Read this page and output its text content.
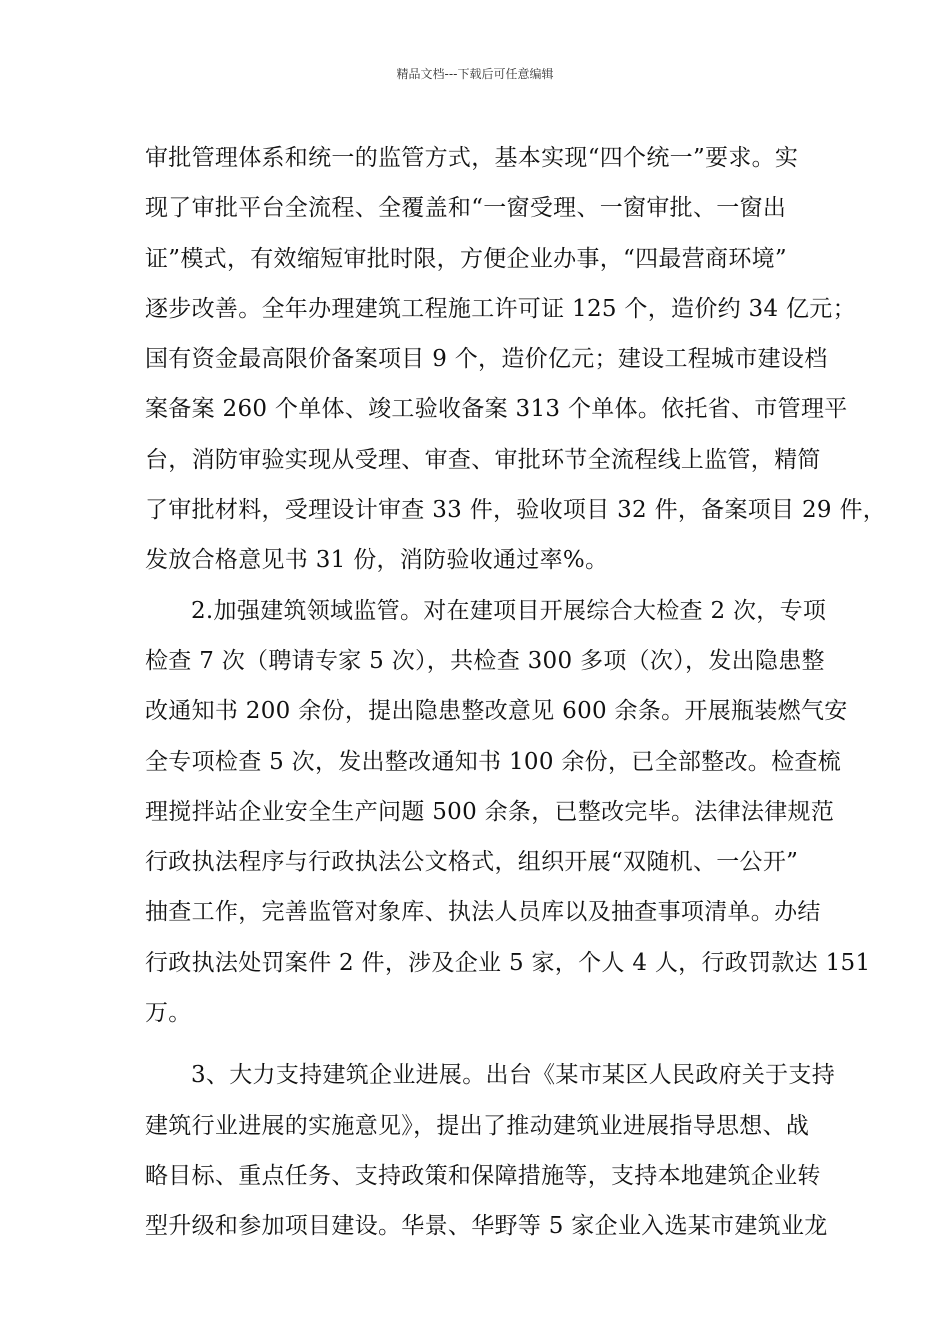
精品文档---下载后可任意编辑
审批管理体系和统一的监管方式，基本实现“四个统一”要求。实
现了审批平台全流程、全覆盖和“一窗受理、一窗审批、一窗出
证”模式，有效缩短审批时限，方便企业办事，“四最营商环境”
逐步改善。全年办理建筑工程施工许可证 125 个，造价约 34 亿元；
国有资金最高限价备案项目 9 个，造价亿元；建设工程城市建设档
案备案 260 个单体、竣工验收备案 313 个单体。依托省、市管理平
台，消防审验实现从受理、审查、审批环节全流程线上监管，精简
了审批材料，受理设计审查 33 件，验收项目 32 件，备案项目 29 件，
发放合格意见书 31 份，消防验收通过率%。
2.加强建筑领域监管。对在建项目开展综合大检查 2 次，专项
检查 7 次（聘请专家 5 次），共检查 300 多项（次），发出隐患整
改通知书 200 余份，提出隐患整改意见 600 余条。开展瓶装燃气安
全专项检查 5 次，发出整改通知书 100 余份，已全部整改。检查梳
理搅拌站企业安全生产问题 500 余条，已整改完毕。法律法律规范
行政执法程序与行政执法公文格式，组织开展“双随机、一公开”
抽查工作，完善监管对象库、执法人员库以及抽查事项清单。办结
行政执法处罚案件 2 件，涉及企业 5 家，个人 4 人，行政罚款达 151
万。
3、大力支持建筑企业进展。出台《某市某区人民政府关于支持
建筑行业进展的实施意见》，提出了推动建筑业进展指导思想、战
略目标、重点任务、支持政策和保障措施等，支持本地建筑企业转
型升级和参加项目建设。华景、华野等 5 家企业入选某市建筑业龙
